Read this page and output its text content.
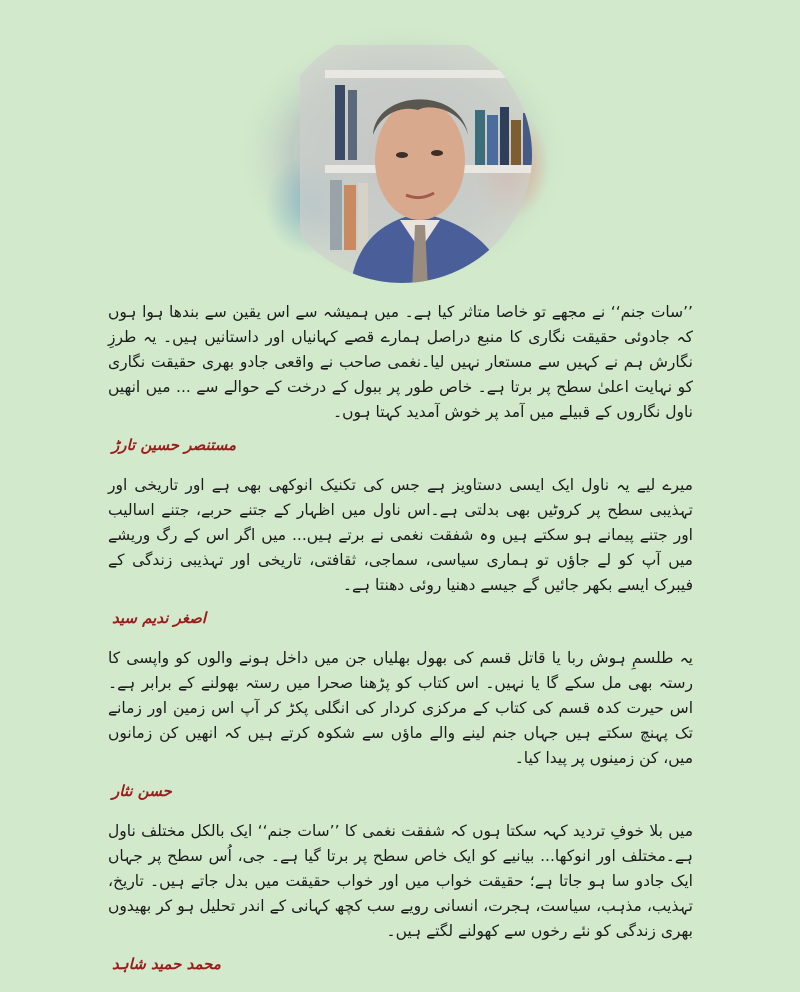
’’سات جنم‘‘ نے مجھے تو خاصا متاثر کیا ہے۔ میں ہمیشہ سے اس یقین سے بندھا ہوا ہوں کہ جادوئی حقیقت نگاری کا منبع دراصل ہمارے قصے کہانیاں اور داستانیں ہیں۔ یہ طرزِ نگارش ہم نے کہیں سے مستعار نہیں لیا۔نغمی صاحب نے واقعی جادو بھری حقیقت نگاری کو نہایت اعلیٰ سطح پر برتا ہے۔ خاص طور پر ببول کے درخت کے حوالے سے ... میں انھیں ناول نگاروں کے قبیلے میں آمد پر خوش آمدید کہتا ہوں۔

مستنصر حسین تارڑ

میرے لیے یہ ناول ایک ایسی دستاویز ہے جس کی تکنیک انوکھی بھی ہے اور تاریخی اور تہذیبی سطح پر کروٹیں بھی بدلتی ہے۔اس ناول میں اظہار کے جتنے حربے، جتنے اسالیب اور جتنے پیمانے ہو سکتے ہیں وہ شفقت نغمی نے برتے ہیں... میں اگر اس کے رگ وریشے میں آپ کو لے جاؤں تو ہماری سیاسی، سماجی، ثقافتی، تاریخی اور تہذیبی زندگی کے فیبرک ایسے بکھر جائیں گے جیسے دھنیا روئی دھنتا ہے۔

اصغر ندیم سید

یہ طلسمِ ہوش ربا یا قاتل قسم کی بھول بھلیاں جن میں داخل ہونے والوں کو واپسی کا رستہ بھی مل سکے گا یا نہیں۔ اس کتاب کو پڑھنا صحرا میں رستہ بھولنے کے برابر ہے۔ اس حیرت کدہ قسم کی کتاب کے مرکزی کردار کی انگلی پکڑ کر آپ اس زمین اور زمانے تک پہنچ سکتے ہیں جہاں جنم لینے والے ماؤں سے شکوہ کرتے ہیں کہ انھیں کن زمانوں میں، کن زمینوں پر پیدا کیا۔

حسن نثار

میں بلا خوفِ تردید کہہ سکتا ہوں کہ شفقت نغمی کا ’’سات جنم‘‘ ایک بالکل مختلف ناول ہے۔مختلف اور انوکھا... بیانیے کو ایک خاص سطح پر برتا گیا ہے۔ جی، اُس سطح پر جہاں ایک جادو سا ہو جاتا ہے؛ حقیقت خواب میں اور خواب حقیقت میں بدل جاتے ہیں۔ تاریخ، تہذیب، مذہب، سیاست، ہجرت، انسانی رویے سب کچھ کہانی کے اندر تحلیل ہو کر بھیدوں بھری زندگی کو نئے رخوں سے کھولنے لگتے ہیں۔

محمد حمید شاہد
